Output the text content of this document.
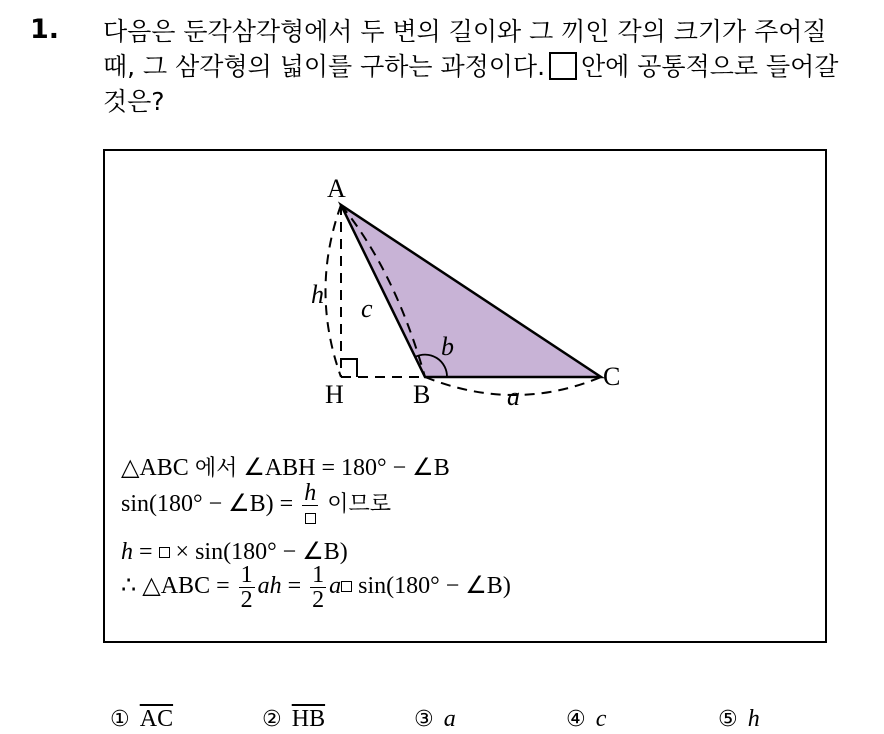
1. 다음은 둔각삼각형에서 두 변의 길이와 그 끼인 각의 크기가 주어질
때, 그 삼각형의 넓이를 구하는 과정이다. 안에 공통적으로 들어갈
것은?
A
B
C
H
h c
b
a
△ABC 에서 ∠ABH = 180° − ∠B
sin(180° − ∠B) = h 이므로
h =  × sin(180° − ∠B)
∴ △ABC = $\frac{1}{2}$ ah = $\frac{1}{2}$ a sin(180° − ∠B)
① $\overline{AC}$	② $\overline{HB}$	③ a	④ c	⑤ h
